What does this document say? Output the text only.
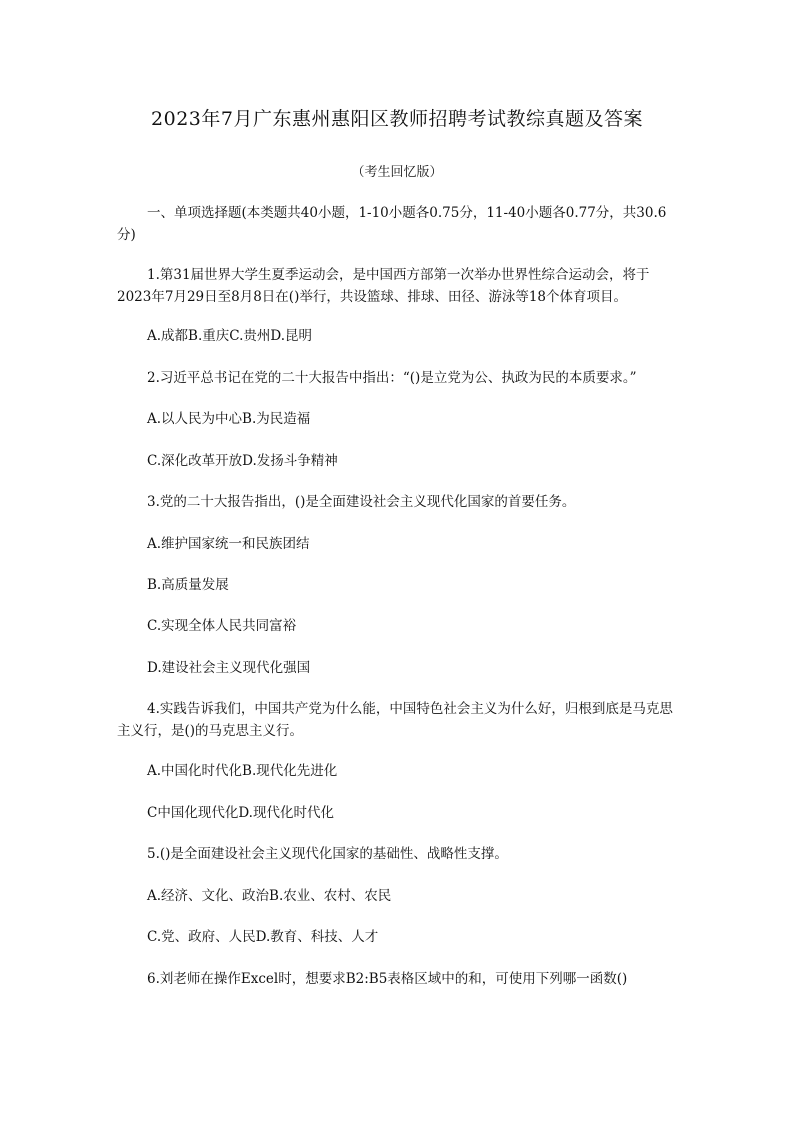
2023年7月广东惠州惠阳区教师招聘考试教综真题及答案
（考生回忆版）
一、单项选择题(本类题共40小题，1-10小题各0.75分，11-40小题各0.77分，共30.6分)
1.第31届世界大学生夏季运动会，是中国西方部第一次举办世界性综合运动会，将于2023年7月29日至8月8日在()举行，共设篮球、排球、田径、游泳等18个体育项目。
A.成都B.重庆C.贵州D.昆明
2.习近平总书记在党的二十大报告中指出：“()是立党为公、执政为民的本质要求。”
A.以人民为中心B.为民造福
C.深化改革开放D.发扬斗争精神
3.党的二十大报告指出，()是全面建设社会主义现代化国家的首要任务。
A.维护国家统一和民族团结
B.高质量发展
C.实现全体人民共同富裕
D.建设社会主义现代化强国
4.实践告诉我们，中国共产党为什么能，中国特色社会主义为什么好，归根到底是马克思主义行，是()的马克思主义行。
A.中国化时代化B.现代化先进化
C中国化现代化D.现代化时代化
5.()是全面建设社会主义现代化国家的基础性、战略性支撑。
A.经济、文化、政治B.农业、农村、农民
C.党、政府、人民D.教育、科技、人才
6.刘老师在操作Excel时，想要求B2:B5表格区域中的和，可使用下列哪一函数()
